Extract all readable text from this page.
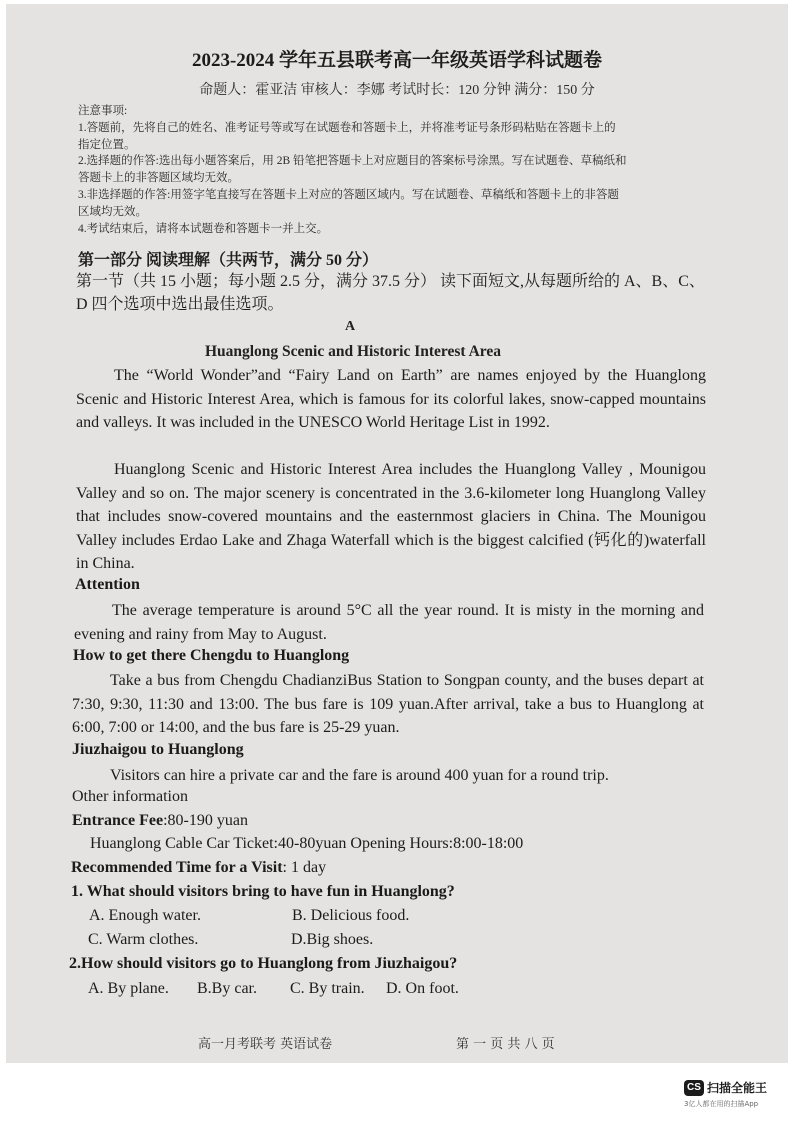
2023-2024 学年五县联考高一年级英语学科试题卷
命题人：霍亚洁 审核人：李娜 考试时长：120 分钟 满分：150 分
注意事项:
1.答题前，先将自己的姓名、准考证号等或写在试题卷和答题卡上，并将准考证号条形码粘贴在答题卡上的
指定位置。
2.选择题的作答:选出每小题答案后，用 2B 铅笔把答题卡上对应题目的答案标号涂黑。写在试题卷、草稿纸和
答题卡上的非答题区域均无效。
3.非选择题的作答:用签字笔直接写在答题卡上对应的答题区域内。写在试题卷、草稿纸和答题卡上的非答题
区域均无效。
4.考试结束后，请将本试题卷和答题卡一并上交。
第一部分 阅读理解（共两节，满分 50 分）
第一节（共 15 小题；每小题 2.5 分，满分 37.5 分） 读下面短文,从每题所给的 A、B、C、D 四个选项中选出最佳选项。
A
Huanglong Scenic and Historic Interest Area
The “World Wonder”and “Fairy Land on Earth” are names enjoyed by the Huanglong Scenic and Historic Interest Area, which is famous for its colorful lakes, snow-capped mountains and valleys. It was included in the UNESCO World Heritage List in 1992.
Huanglong Scenic and Historic Interest Area includes the Huanglong Valley , Mounigou Valley and so on. The major scenery is concentrated in the 3.6-kilometer long Huanglong Valley that includes snow-covered mountains and the easternmost glaciers in China. The Mounigou Valley includes Erdao Lake and Zhaga Waterfall which is the biggest calcified (钙化的)waterfall in China.
Attention
The average temperature is around 5°C all the year round. It is misty in the morning and evening and rainy from May to August.
How to get there Chengdu to Huanglong
Take a bus from Chengdu ChadianziBus Station to Songpan county, and the buses depart at 7:30, 9:30, 11:30 and 13:00. The bus fare is 109 yuan.After arrival, take a bus to Huanglong at 6:00, 7:00 or 14:00, and the bus fare is 25-29 yuan.
Jiuzhaigou to Huanglong
Visitors can hire a private car and the fare is around 400 yuan for a round trip.
Other information
Entrance Fee:80-190 yuan
Huanglong Cable Car Ticket:40-80yuan Opening Hours:8:00-18:00
Recommended Time for a Visit: 1 day
1. What should visitors bring to have fun in Huanglong?
A. Enough water.	B. Delicious food.
C. Warm clothes.	D.Big shoes.
2.How should visitors go to Huanglong from Jiuzhaigou?
A. By plane. B.By car. C. By train. D. On foot.
高一月考联考 英语试卷	第 一 页 共 八 页
CS 扫描全能王
3亿人都在用的扫描App
